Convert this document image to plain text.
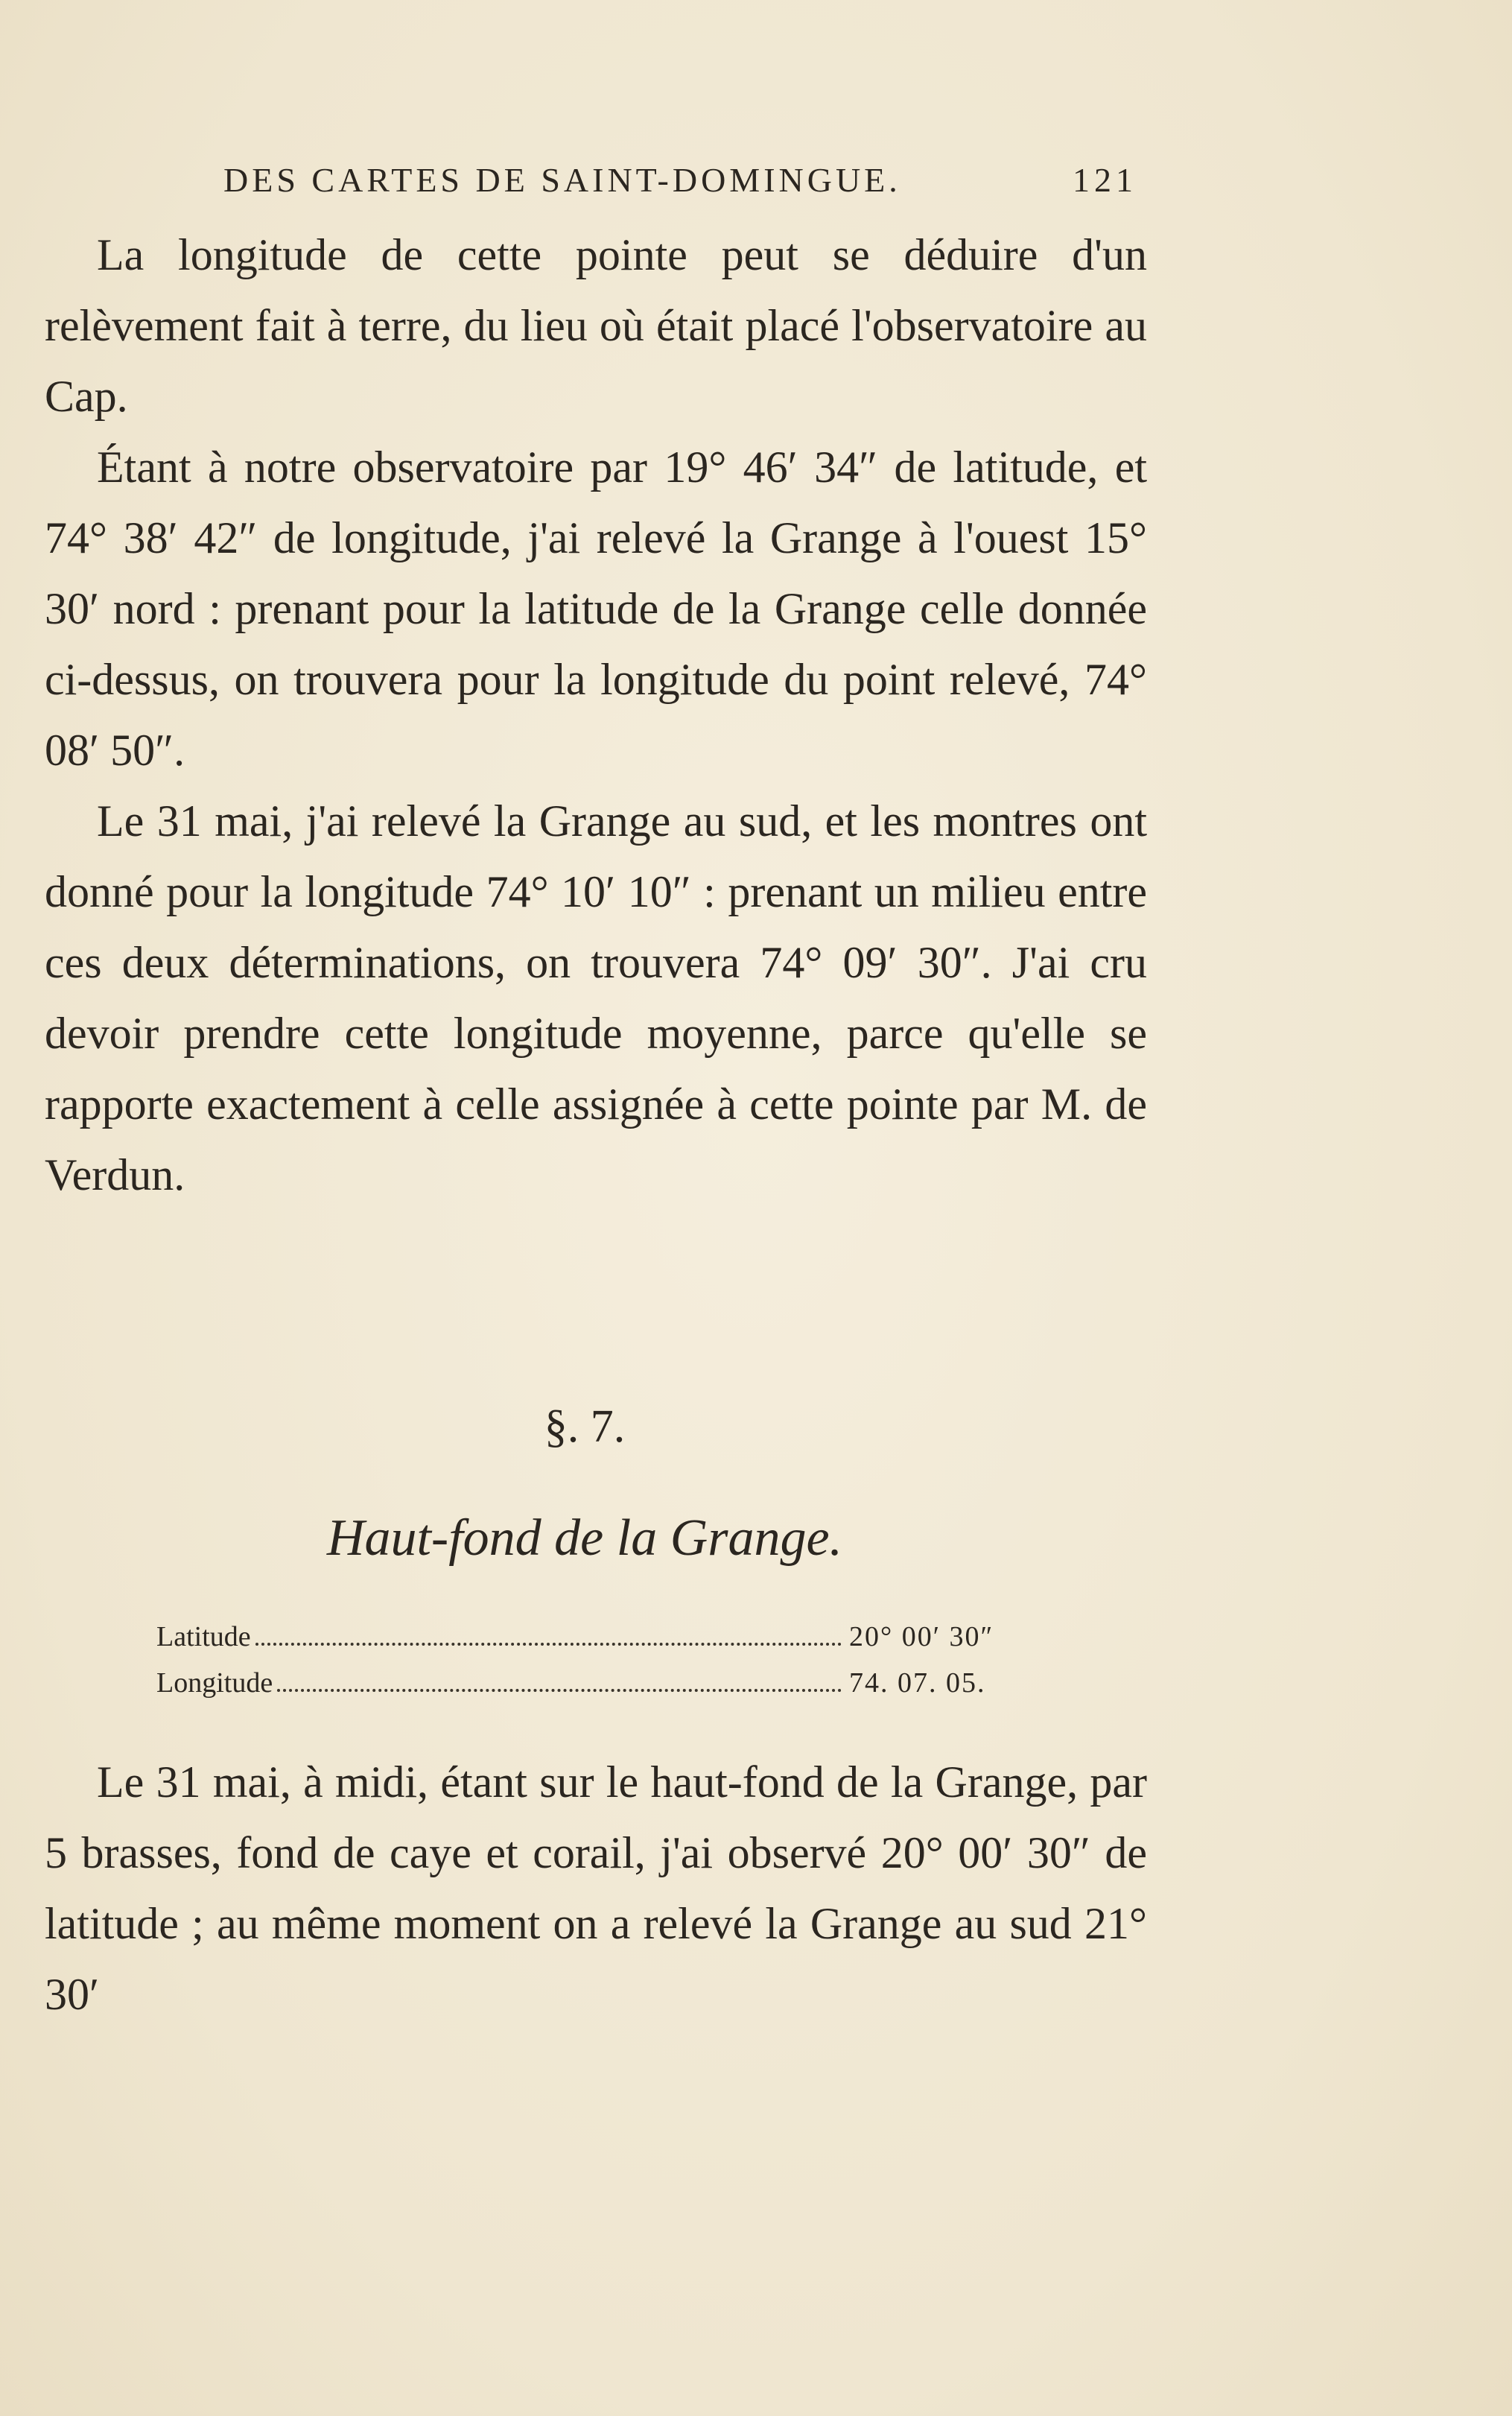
DES CARTES DE SAINT-DOMINGUE.	121

La longitude de cette pointe peut se déduire d'un relèvement fait à terre, du lieu où était placé l'observatoire au Cap.

Étant à notre observatoire par 19° 46′ 34″ de latitude, et 74° 38′ 42″ de longitude, j'ai relevé la Grange à l'ouest 15° 30′ nord : prenant pour la latitude de la Grange celle donnée ci-dessus, on trouvera pour la longitude du point relevé, 74° 08′ 50″.

Le 31 mai, j'ai relevé la Grange au sud, et les montres ont donné pour la longitude 74° 10′ 10″ : prenant un milieu entre ces deux déterminations, on trouvera 74° 09′ 30″. J'ai cru devoir prendre cette longitude moyenne, parce qu'elle se rapporte exactement à celle assignée à cette pointe par M. de Verdun.

§. 7.
Haut-fond de la Grange.
Latitude	20° 00′ 30″
Longitude	74. 07. 05.

Le 31 mai, à midi, étant sur le haut-fond de la Grange, par 5 brasses, fond de caye et corail, j'ai observé 20° 00′ 30″ de latitude ; au même moment on a relevé la Grange au sud 21° 30′
